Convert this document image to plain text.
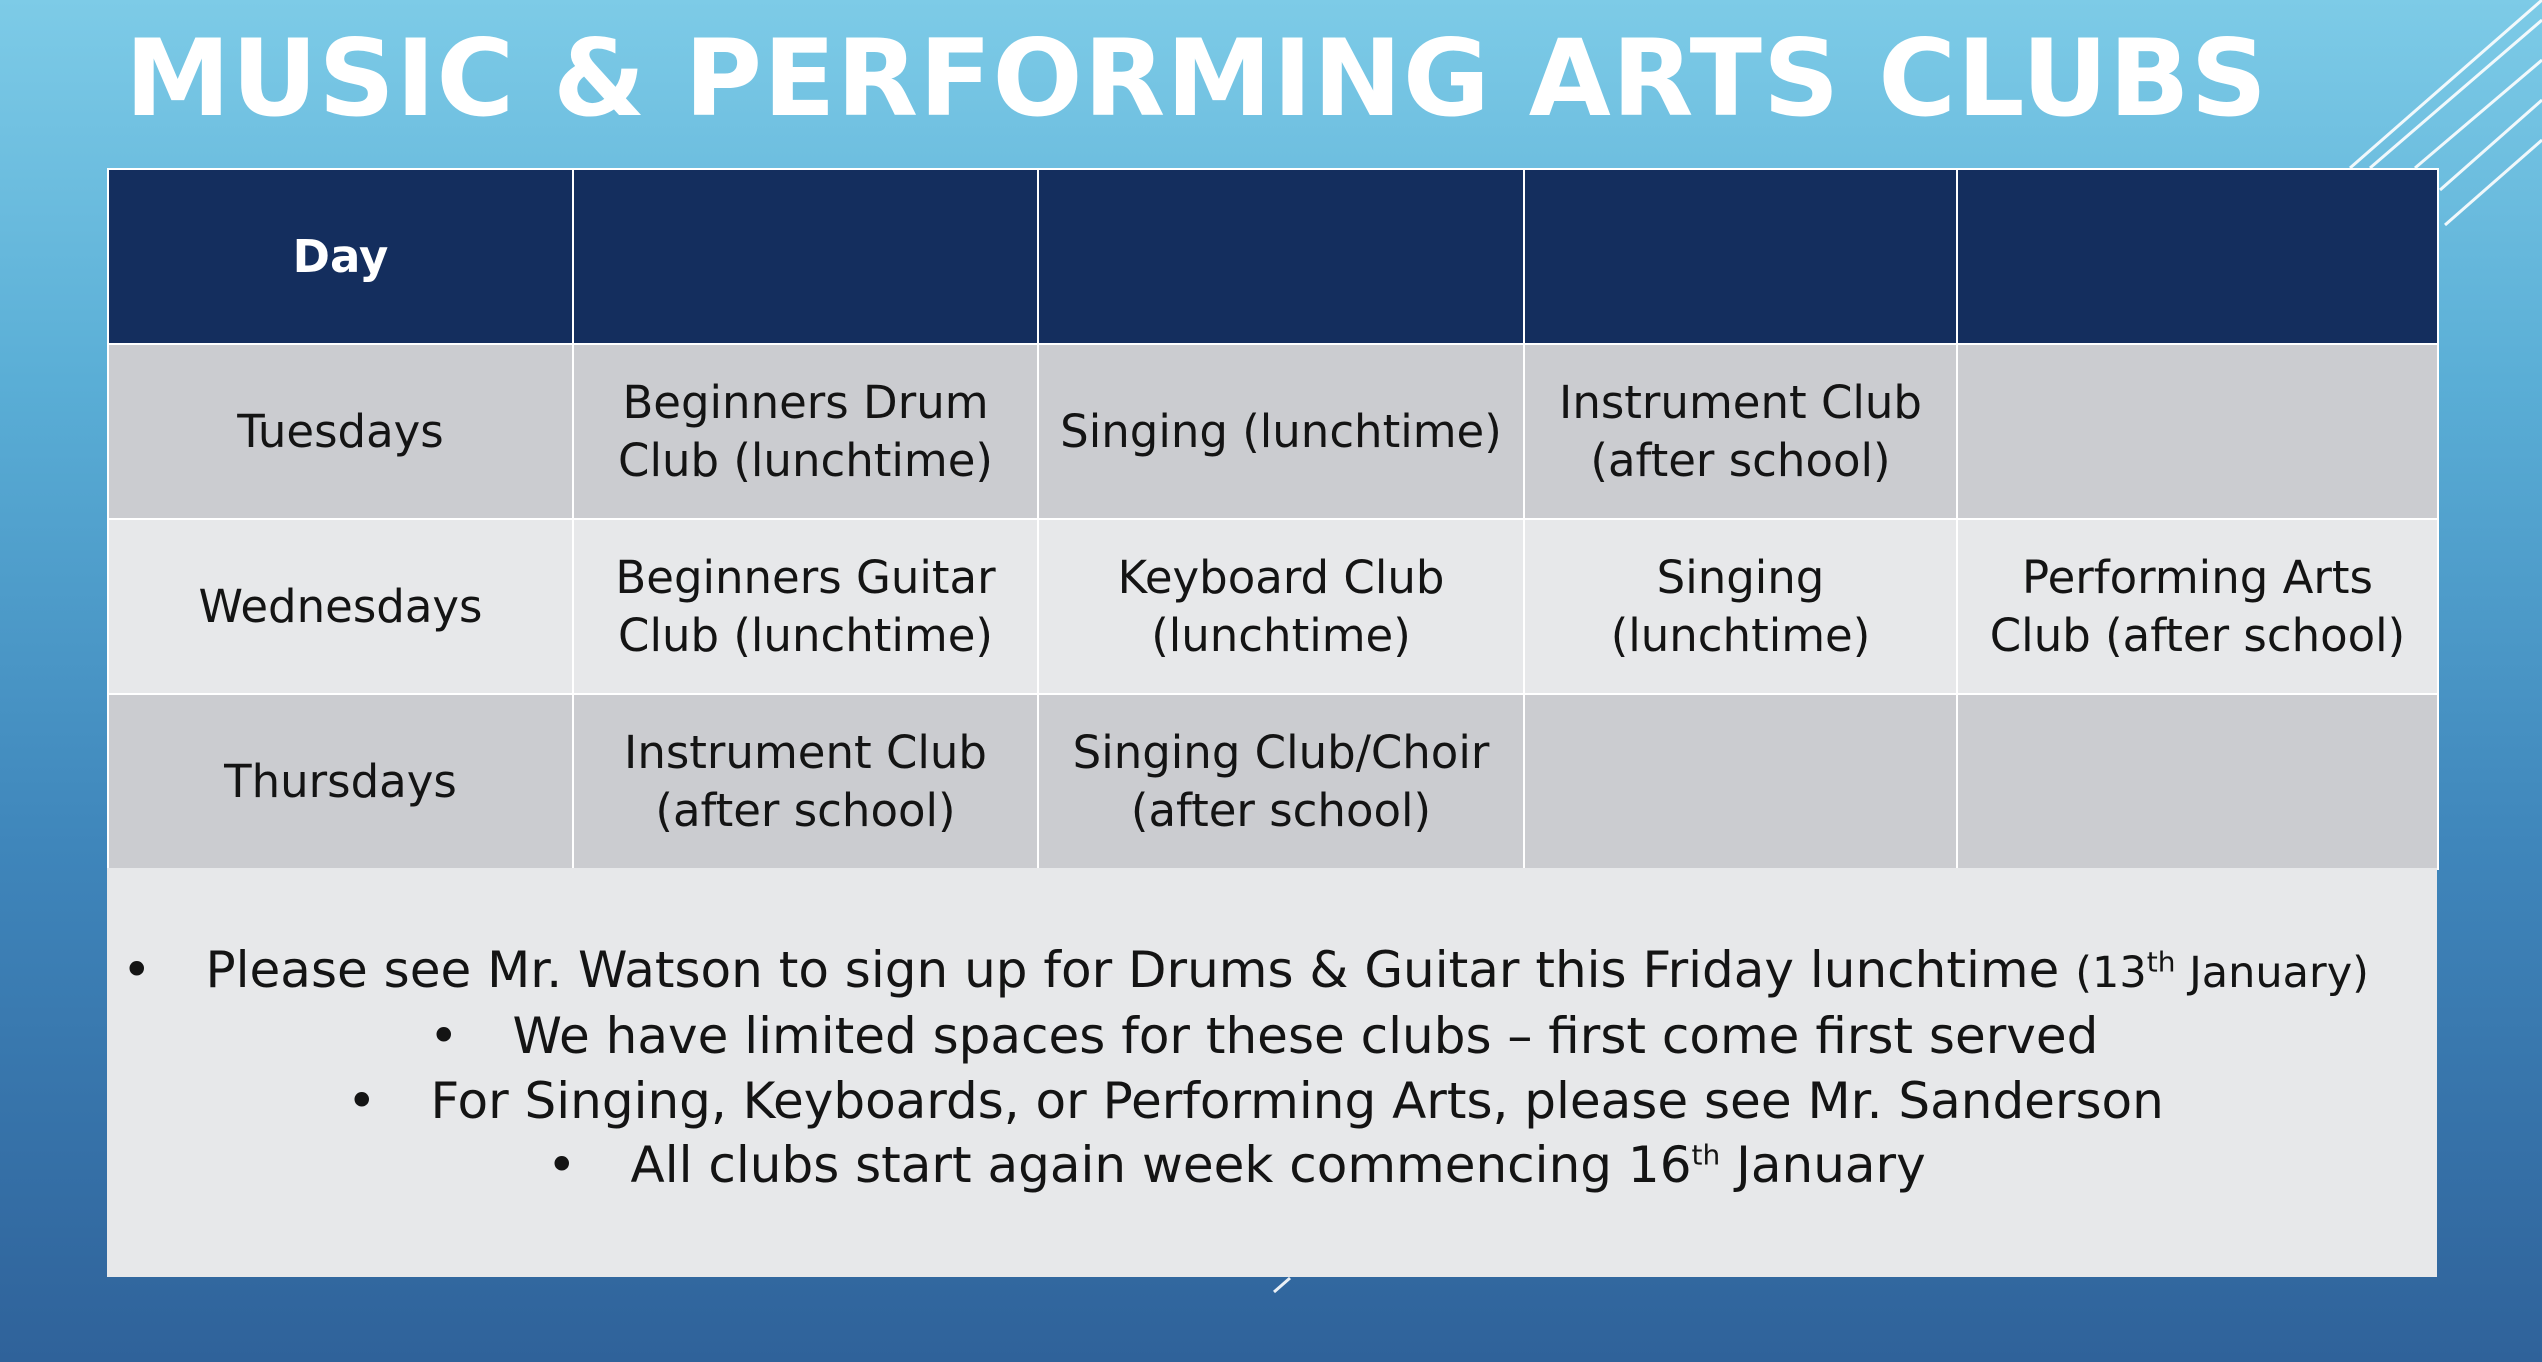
MUSIC & PERFORMING ARTS CLUBS
Day				
Tuesdays	Beginners Drum Club (lunchtime)	Singing (lunchtime)	Instrument Club (after school)	
Wednesdays	Beginners Guitar Club (lunchtime)	Keyboard Club (lunchtime)	Singing (lunchtime)	Performing Arts Club (after school)
Thursdays	Instrument Club (after school)	Singing Club/Choir (after school)		
• Please see Mr. Watson to sign up for Drums & Guitar this Friday lunchtime (13th January)
• We have limited spaces for these clubs – first come first served
• For Singing, Keyboards, or Performing Arts, please see Mr. Sanderson
• All clubs start again week commencing 16th January
